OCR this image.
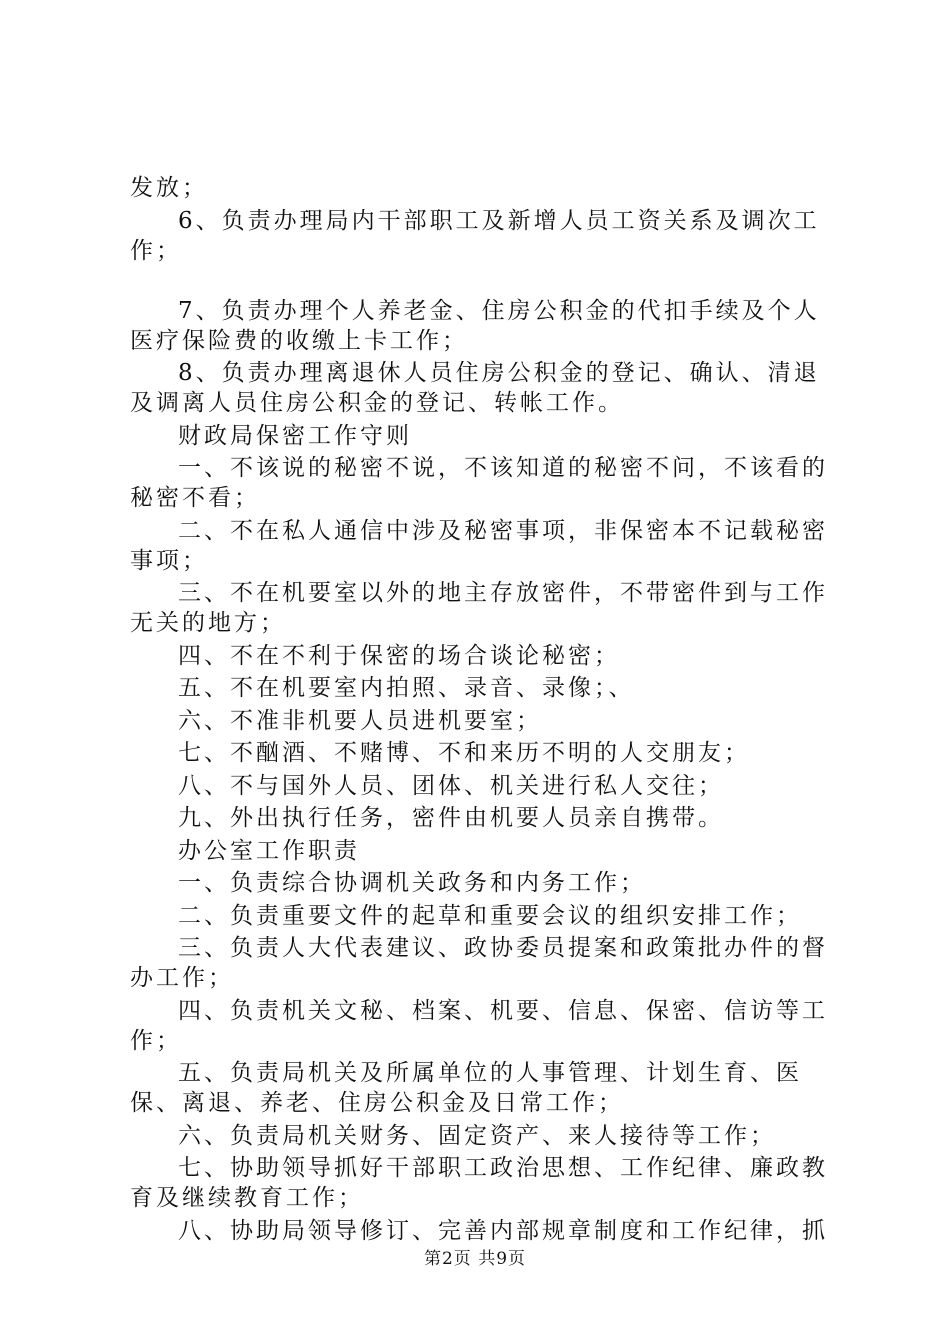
发放；

6、负责办理局内干部职工及新增人员工资关系及调次工作；

7、负责办理个人养老金、住房公积金的代扣手续及个人医疗保险费的收缴上卡工作；

8、负责办理离退休人员住房公积金的登记、确认、清退及调离人员住房公积金的登记、转帐工作。

财政局保密工作守则

一、不该说的秘密不说，不该知道的秘密不问，不该看的秘密不看；

二、不在私人通信中涉及秘密事项，非保密本不记载秘密事项；

三、不在机要室以外的地主存放密件，不带密件到与工作无关的地方；

四、不在不利于保密的场合谈论秘密；

五、不在机要室内拍照、录音、录像；、

六、不准非机要人员进机要室；

七、不酗酒、不赌博、不和来历不明的人交朋友；

八、不与国外人员、团体、机关进行私人交往；

九、外出执行任务，密件由机要人员亲自携带。

办公室工作职责

一、负责综合协调机关政务和内务工作；

二、负责重要文件的起草和重要会议的组织安排工作；

三、负责人大代表建议、政协委员提案和政策批办件的督办工作；

四、负责机关文秘、档案、机要、信息、保密、信访等工作；

五、负责局机关及所属单位的人事管理、计划生育、医保、离退、养老、住房公积金及日常工作；

六、负责局机关财务、固定资产、来人接待等工作；

七、协助领导抓好干部职工政治思想、工作纪律、廉政教育及继续教育工作；

八、协助局领导修订、完善内部规章制度和工作纪律，抓

第2页 共9页
